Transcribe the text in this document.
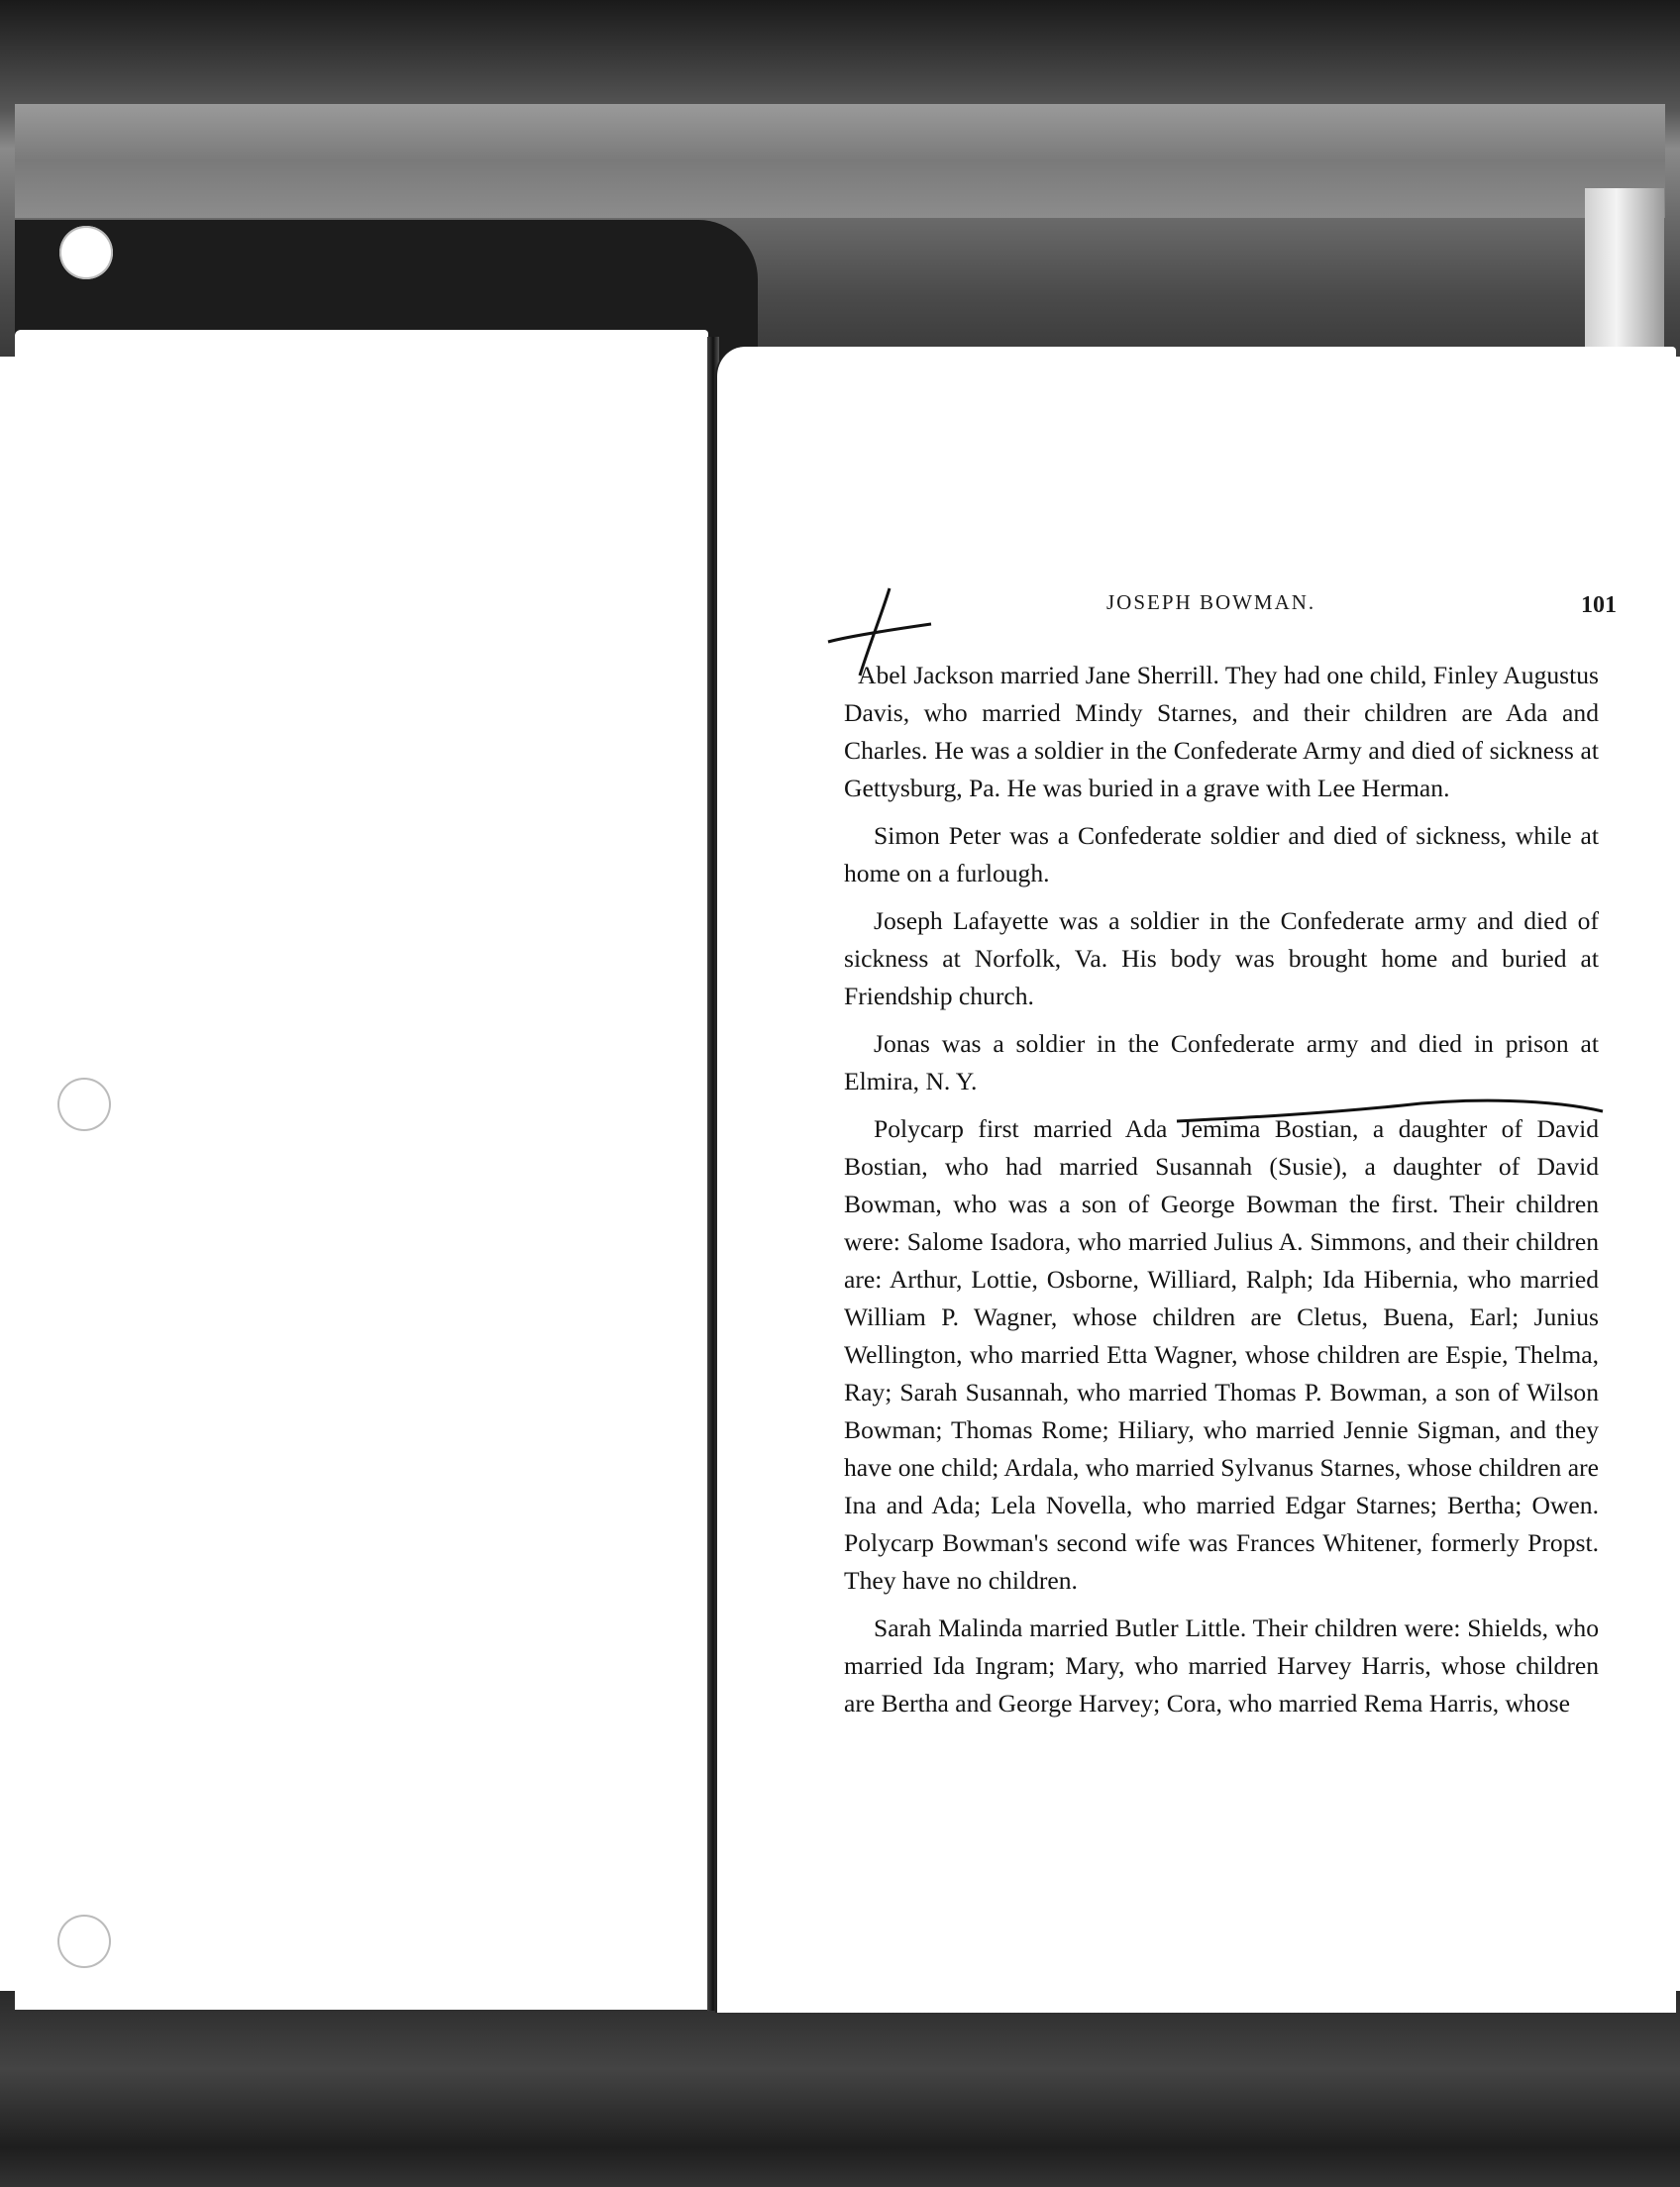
JOSEPH BOWMAN.	101

Abel Jackson married Jane Sherrill. They had one child, Finley Augustus Davis, who married Mindy Starnes, and their children are Ada and Charles. He was a soldier in the Confederate Army and died of sickness at Gettysburg, Pa. He was buried in a grave with Lee Herman.

Simon Peter was a Confederate soldier and died of sickness, while at home on a furlough.

Joseph Lafayette was a soldier in the Confederate army and died of sickness at Norfolk, Va. His body was brought home and buried at Friendship church.

Jonas was a soldier in the Confederate army and died in prison at Elmira, N. Y.

Polycarp first married Ada Jemima Bostian, a daughter of David Bostian, who had married Susannah (Susie), a daughter of David Bowman, who was a son of George Bowman the first. Their children were: Salome Isadora, who married Julius A. Simmons, and their children are: Arthur, Lottie, Osborne, Williard, Ralph; Ida Hibernia, who married William P. Wagner, whose children are Cletus, Buena, Earl; Junius Wellington, who married Etta Wagner, whose children are Espie, Thelma, Ray; Sarah Susannah, who married Thomas P. Bowman, a son of Wilson Bowman; Thomas Rome; Hiliary, who married Jennie Sigman, and they have one child; Ardala, who married Sylvanus Starnes, whose children are Ina and Ada; Lela Novella, who married Edgar Starnes; Bertha; Owen. Polycarp Bowman's second wife was Frances Whitener, formerly Propst. They have no children.

Sarah Malinda married Butler Little. Their children were: Shields, who married Ida Ingram; Mary, who married Harvey Harris, whose children are Bertha and George Harvey; Cora, who married Rema Harris, whose
